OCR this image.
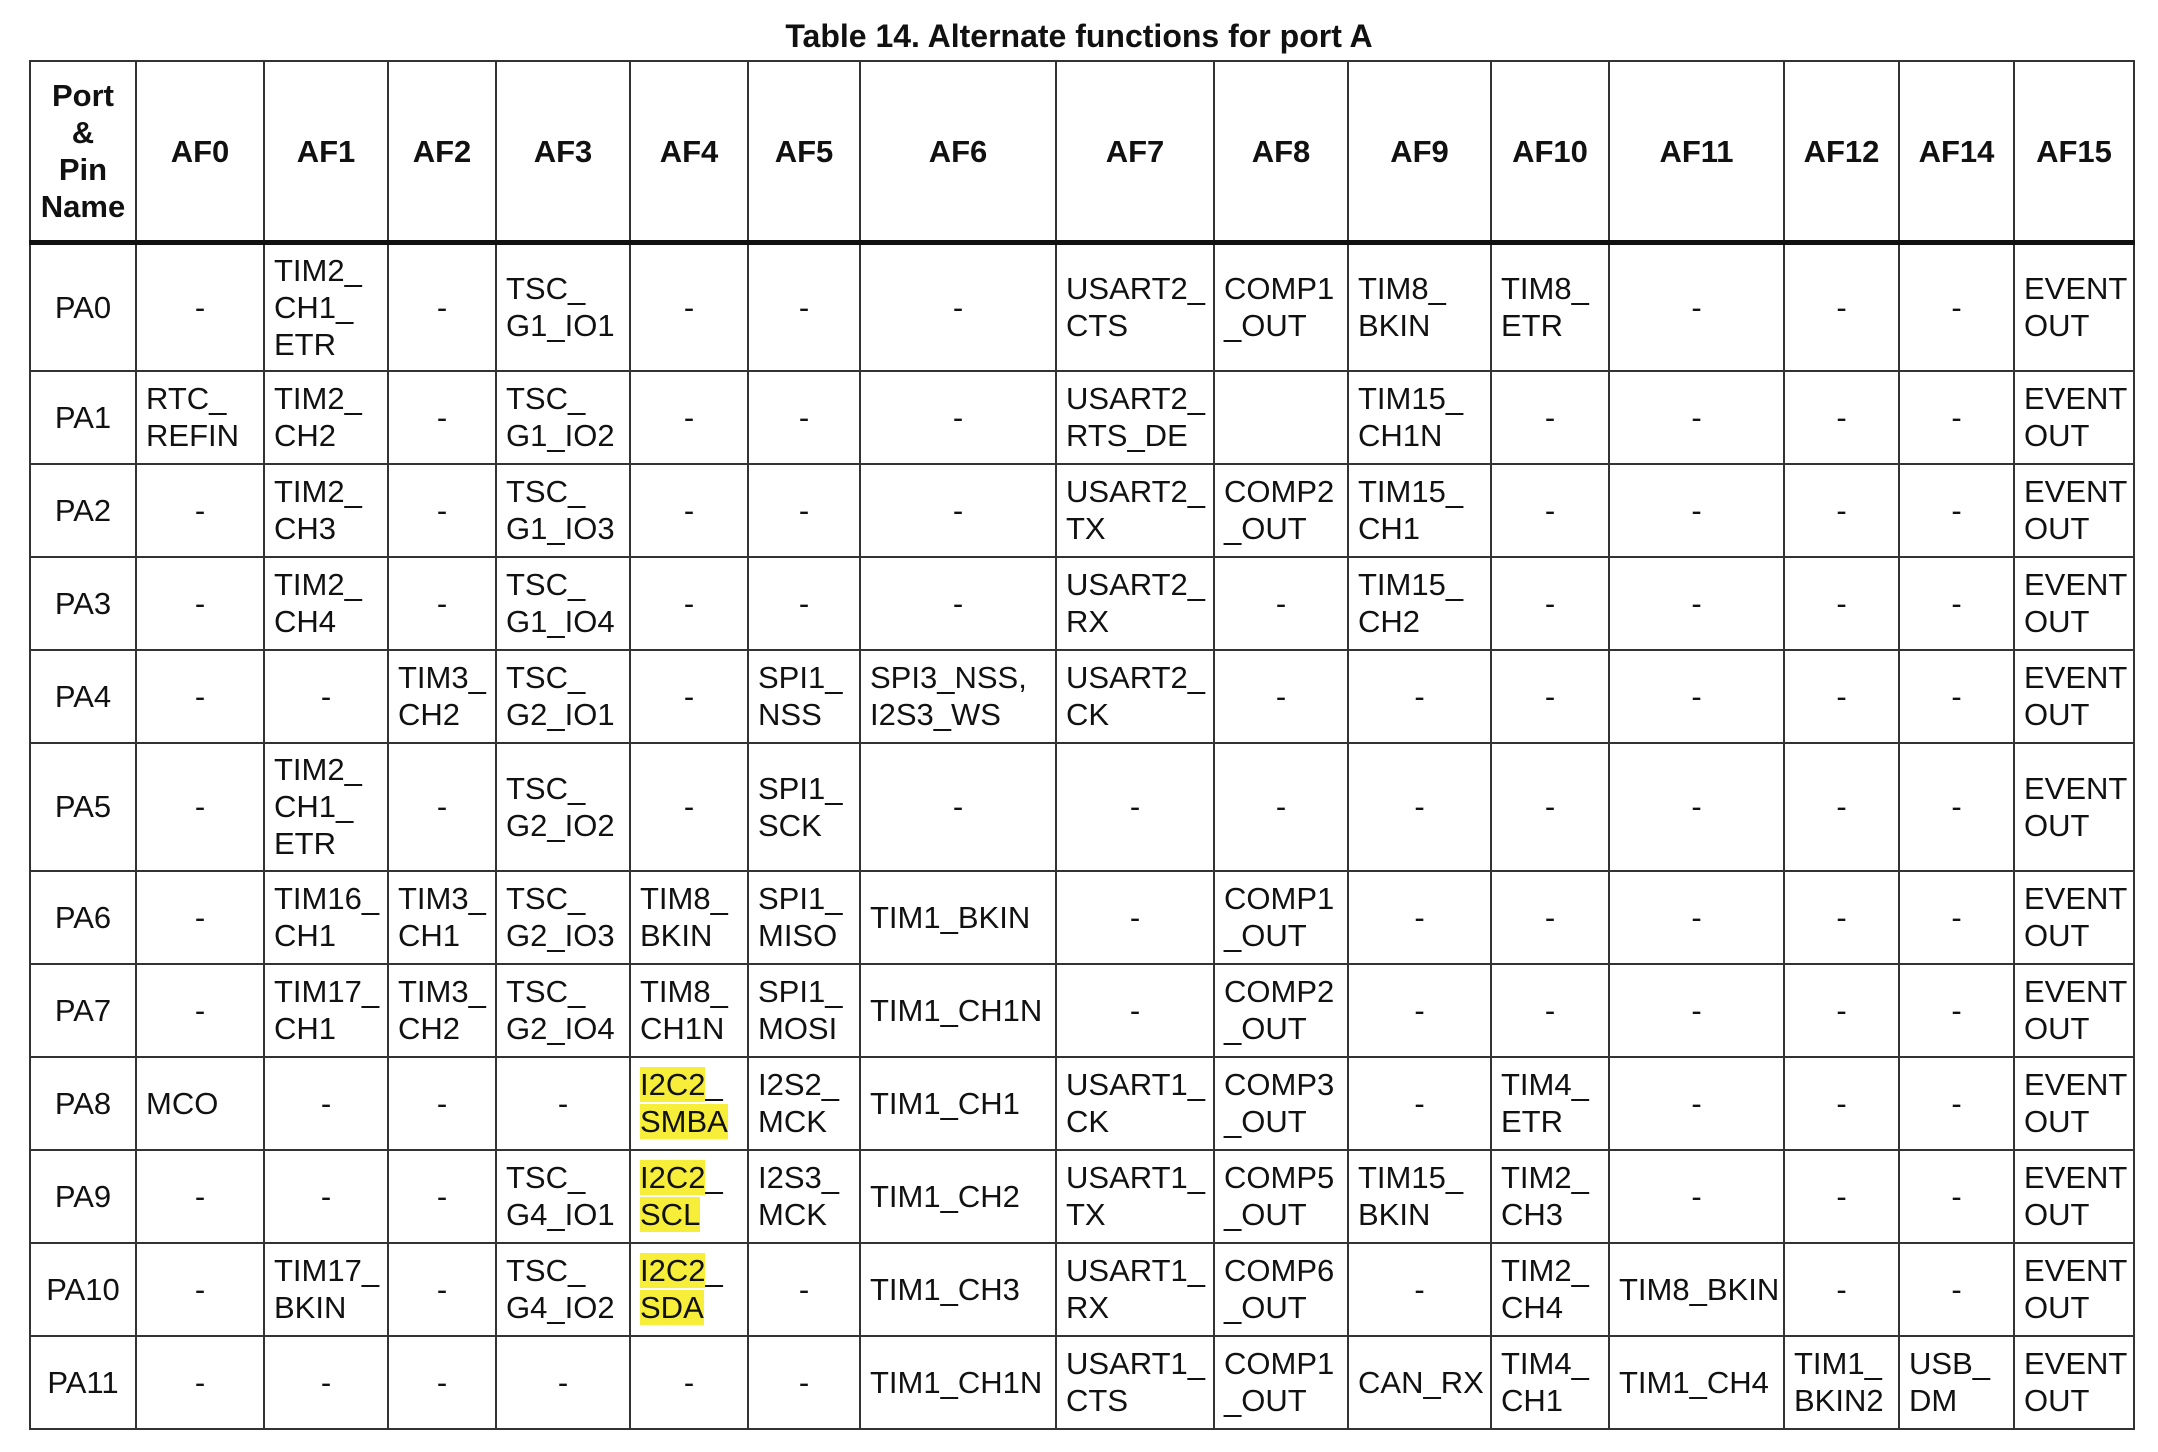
Table 14. Alternate functions for port A
Port
&
Pin
Name	AF0	AF1	AF2	AF3	AF4	AF5	AF6	AF7	AF8	AF9	AF10	AF11	AF12	AF14	AF15
PA0	-	TIM2_
CH1_
ETR	-	TSC_
G1_IO1	-	-	-	USART2_
CTS	COMP1
_OUT	TIM8_
BKIN	TIM8_
ETR	-	-	-	EVENT
OUT
PA1	RTC_
REFIN	TIM2_
CH2	-	TSC_
G1_IO2	-	-	-	USART2_
RTS_DE		TIM15_
CH1N	-	-	-	-	EVENT
OUT
PA2	-	TIM2_
CH3	-	TSC_
G1_IO3	-	-	-	USART2_
TX	COMP2
_OUT	TIM15_
CH1	-	-	-	-	EVENT
OUT
PA3	-	TIM2_
CH4	-	TSC_
G1_IO4	-	-	-	USART2_
RX	-	TIM15_
CH2	-	-	-	-	EVENT
OUT
PA4	-	-	TIM3_
CH2	TSC_
G2_IO1	-	SPI1_
NSS	SPI3_NSS,
I2S3_WS	USART2_
CK	-	-	-	-	-	-	EVENT
OUT
PA5	-	TIM2_
CH1_
ETR	-	TSC_
G2_IO2	-	SPI1_
SCK	-	-	-	-	-	-	-	-	EVENT
OUT
PA6	-	TIM16_
CH1	TIM3_
CH1	TSC_
G2_IO3	TIM8_
BKIN	SPI1_
MISO	TIM1_BKIN	-	COMP1
_OUT	-	-	-	-	-	EVENT
OUT
PA7	-	TIM17_
CH1	TIM3_
CH2	TSC_
G2_IO4	TIM8_
CH1N	SPI1_
MOSI	TIM1_CH1N	-	COMP2
_OUT	-	-	-	-	-	EVENT
OUT
PA8	MCO	-	-	-	I2C2_
SMBA	I2S2_
MCK	TIM1_CH1	USART1_
CK	COMP3
_OUT	-	TIM4_
ETR	-	-	-	EVENT
OUT
PA9	-	-	-	TSC_
G4_IO1	I2C2_
SCL	I2S3_
MCK	TIM1_CH2	USART1_
TX	COMP5
_OUT	TIM15_
BKIN	TIM2_
CH3	-	-	-	EVENT
OUT
PA10	-	TIM17_
BKIN	-	TSC_
G4_IO2	I2C2_
SDA	-	TIM1_CH3	USART1_
RX	COMP6
_OUT	-	TIM2_
CH4	TIM8_BKIN	-	-	EVENT
OUT
PA11	-	-	-	-	-	-	TIM1_CH1N	USART1_
CTS	COMP1
_OUT	CAN_RX	TIM4_
CH1	TIM1_CH4	TIM1_
BKIN2	USB_
DM	EVENT
OUT
